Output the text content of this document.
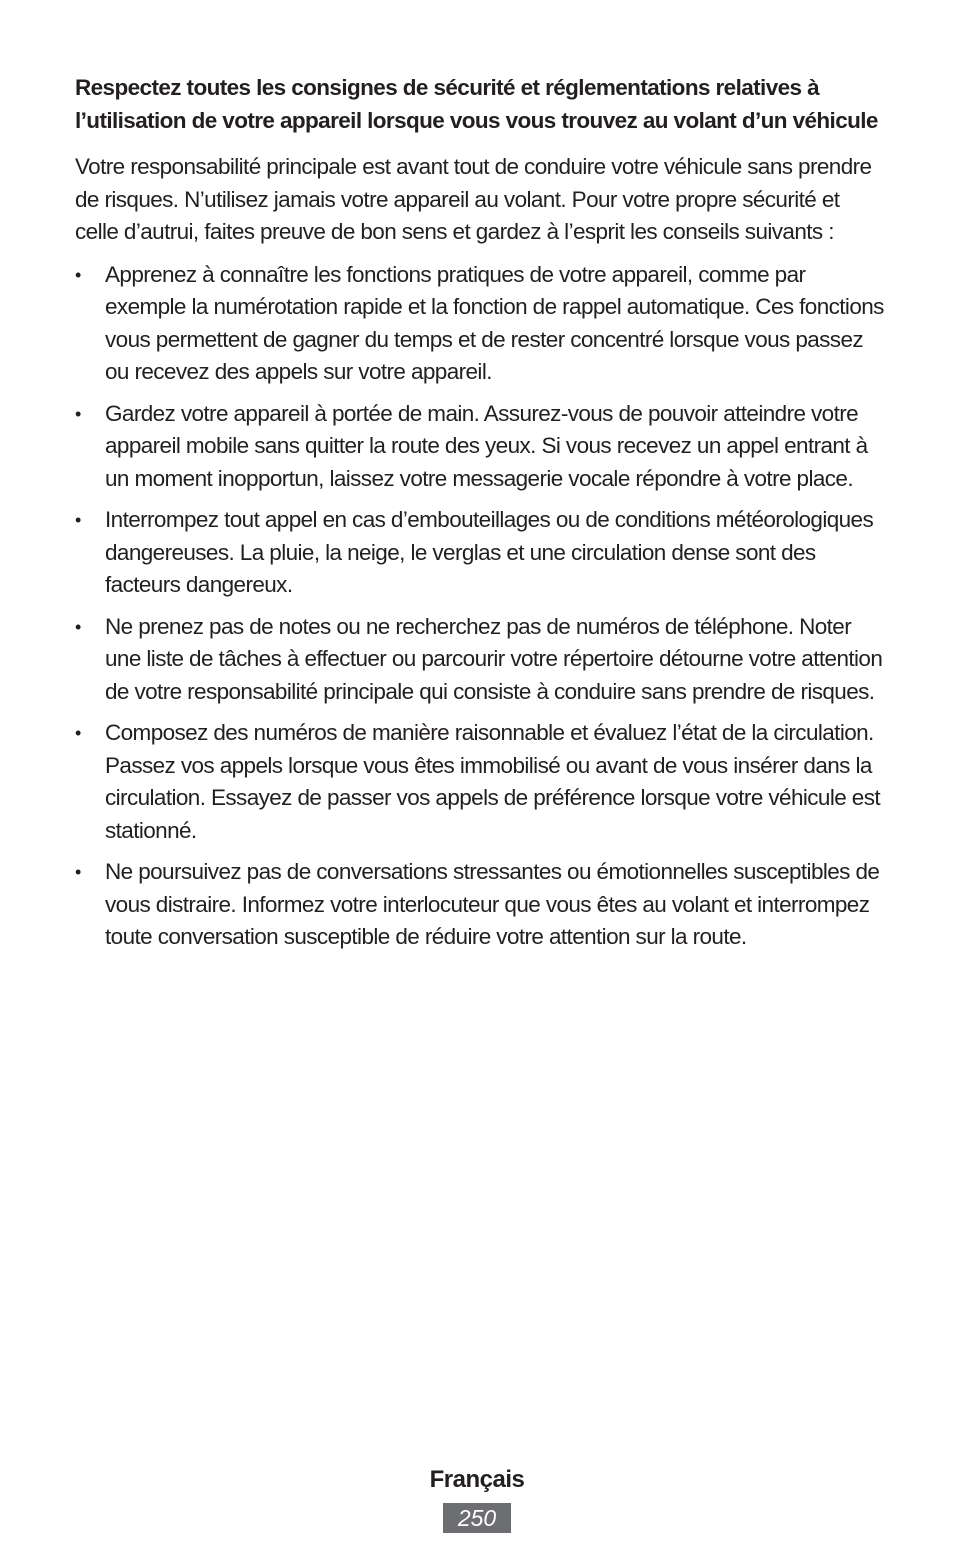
Respectez toutes les consignes de sécurité et réglementations relatives à l’utilisation de votre appareil lorsque vous vous trouvez au volant d’un véhicule

Votre responsabilité principale est avant tout de conduire votre véhicule sans prendre de risques. N’utilisez jamais votre appareil au volant. Pour votre propre sécurité et celle d’autrui, faites preuve de bon sens et gardez à l’esprit les conseils suivants :

•	Apprenez à connaître les fonctions pratiques de votre appareil, comme par exemple la numérotation rapide et la fonction de rappel automatique. Ces fonctions vous permettent de gagner du temps et de rester concentré lorsque vous passez ou recevez des appels sur votre appareil.
•	Gardez votre appareil à portée de main. Assurez-vous de pouvoir atteindre votre appareil mobile sans quitter la route des yeux. Si vous recevez un appel entrant à un moment inopportun, laissez votre messagerie vocale répondre à votre place.
•	Interrompez tout appel en cas d’embouteillages ou de conditions météorologiques dangereuses. La pluie, la neige, le verglas et une circulation dense sont des facteurs dangereux.
•	Ne prenez pas de notes ou ne recherchez pas de numéros de téléphone. Noter une liste de tâches à effectuer ou parcourir votre répertoire détourne votre attention de votre responsabilité principale qui consiste à conduire sans prendre de risques.
•	Composez des numéros de manière raisonnable et évaluez l’état de la circulation. Passez vos appels lorsque vous êtes immobilisé ou avant de vous insérer dans la circulation. Essayez de passer vos appels de préférence lorsque votre véhicule est stationné.
•	Ne poursuivez pas de conversations stressantes ou émotionnelles susceptibles de vous distraire. Informez votre interlocuteur que vous êtes au volant et interrompez toute conversation susceptible de réduire votre attention sur la route.
Français
250
